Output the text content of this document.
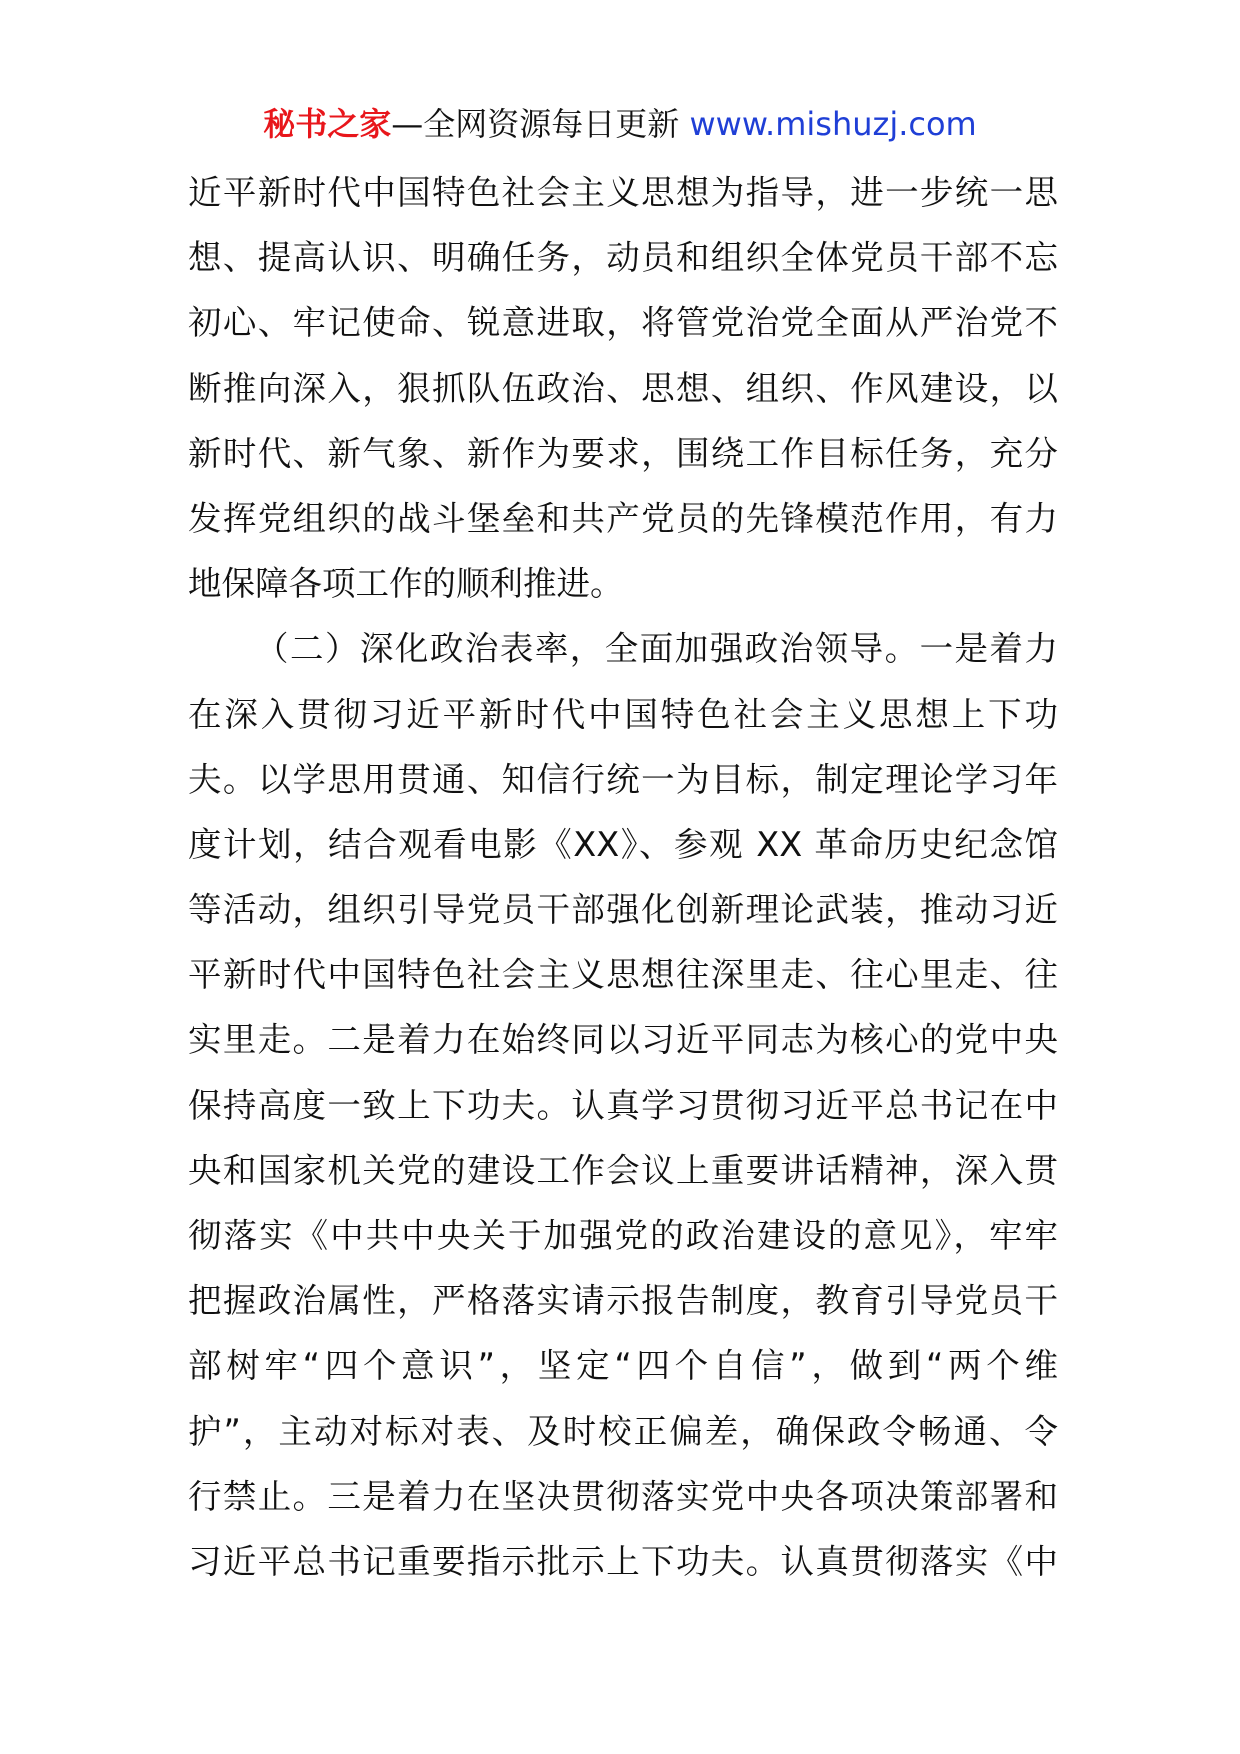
秘书之家—全网资源每日更新 www.mishuzj.com
近平新时代中国特色社会主义思想为指导，进一步统一思
想、提高认识、明确任务，动员和组织全体党员干部不忘
初心、牢记使命、锐意进取，将管党治党全面从严治党不
断推向深入，狠抓队伍政治、思想、组织、作风建设，以
新时代、新气象、新作为要求，围绕工作目标任务，充分
发挥党组织的战斗堡垒和共产党员的先锋模范作用，有力
地保障各项工作的顺利推进。
（二）深化政治表率，全面加强政治领导。一是着力
在深入贯彻习近平新时代中国特色社会主义思想上下功
夫。以学思用贯通、知信行统一为目标，制定理论学习年
度计划，结合观看电影《XX》、参观 XX 革命历史纪念馆
等活动，组织引导党员干部强化创新理论武装，推动习近
平新时代中国特色社会主义思想往深里走、往心里走、往
实里走。二是着力在始终同以习近平同志为核心的党中央
保持高度一致上下功夫。认真学习贯彻习近平总书记在中
央和国家机关党的建设工作会议上重要讲话精神，深入贯
彻落实《中共中央关于加强党的政治建设的意见》，牢牢
把握政治属性，严格落实请示报告制度，教育引导党员干
部树牢“四个意识”，坚定“四个自信”，做到“两个维
护”，主动对标对表、及时校正偏差，确保政令畅通、令
行禁止。三是着力在坚决贯彻落实党中央各项决策部署和
习近平总书记重要指示批示上下功夫。认真贯彻落实《中
